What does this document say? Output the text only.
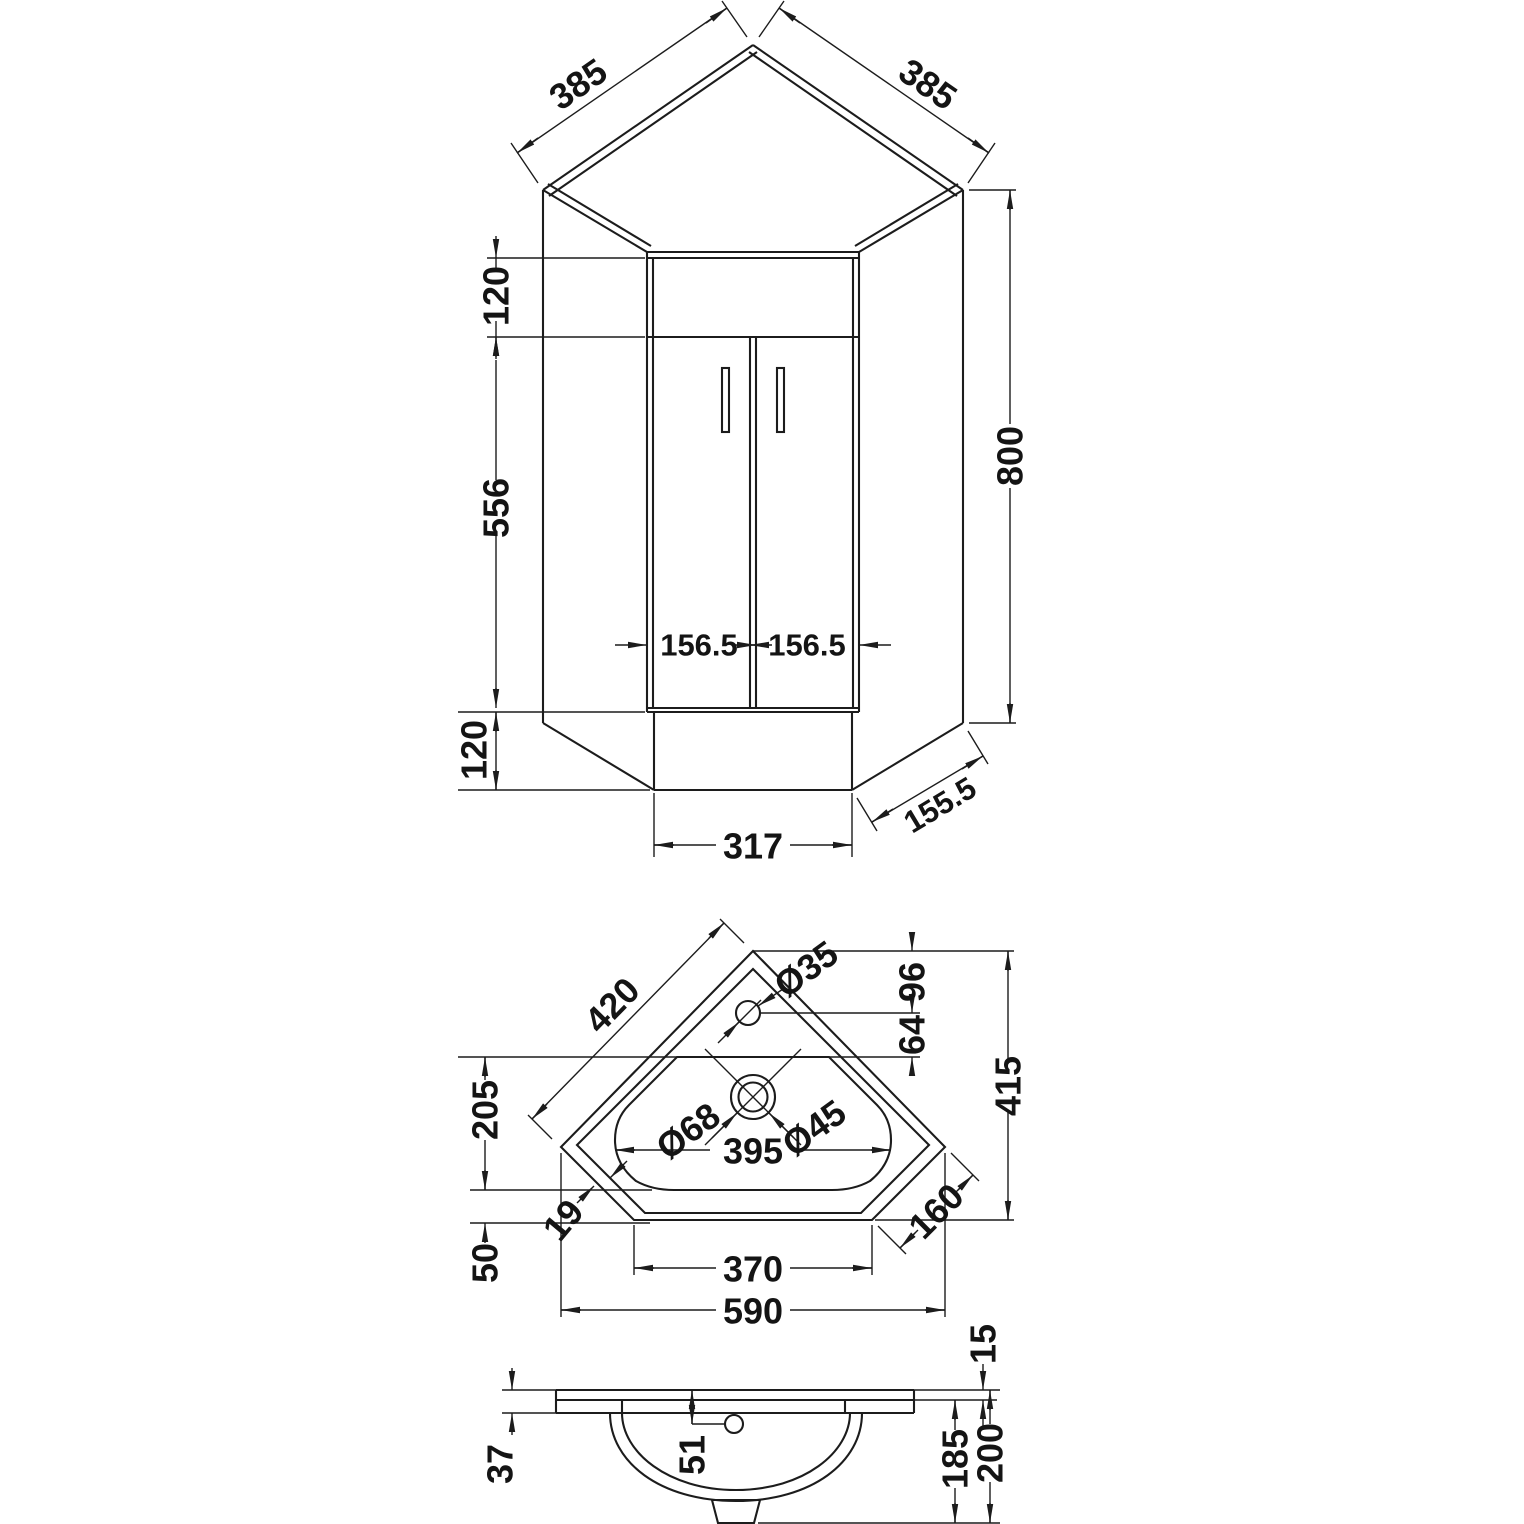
385	385
800
120
556
156.5 156.5
120
317
155.5
420	Ø35 96
64
415
205	Ø68 Ø45
395
19
50
160
370
590
37	51
15
185
200
